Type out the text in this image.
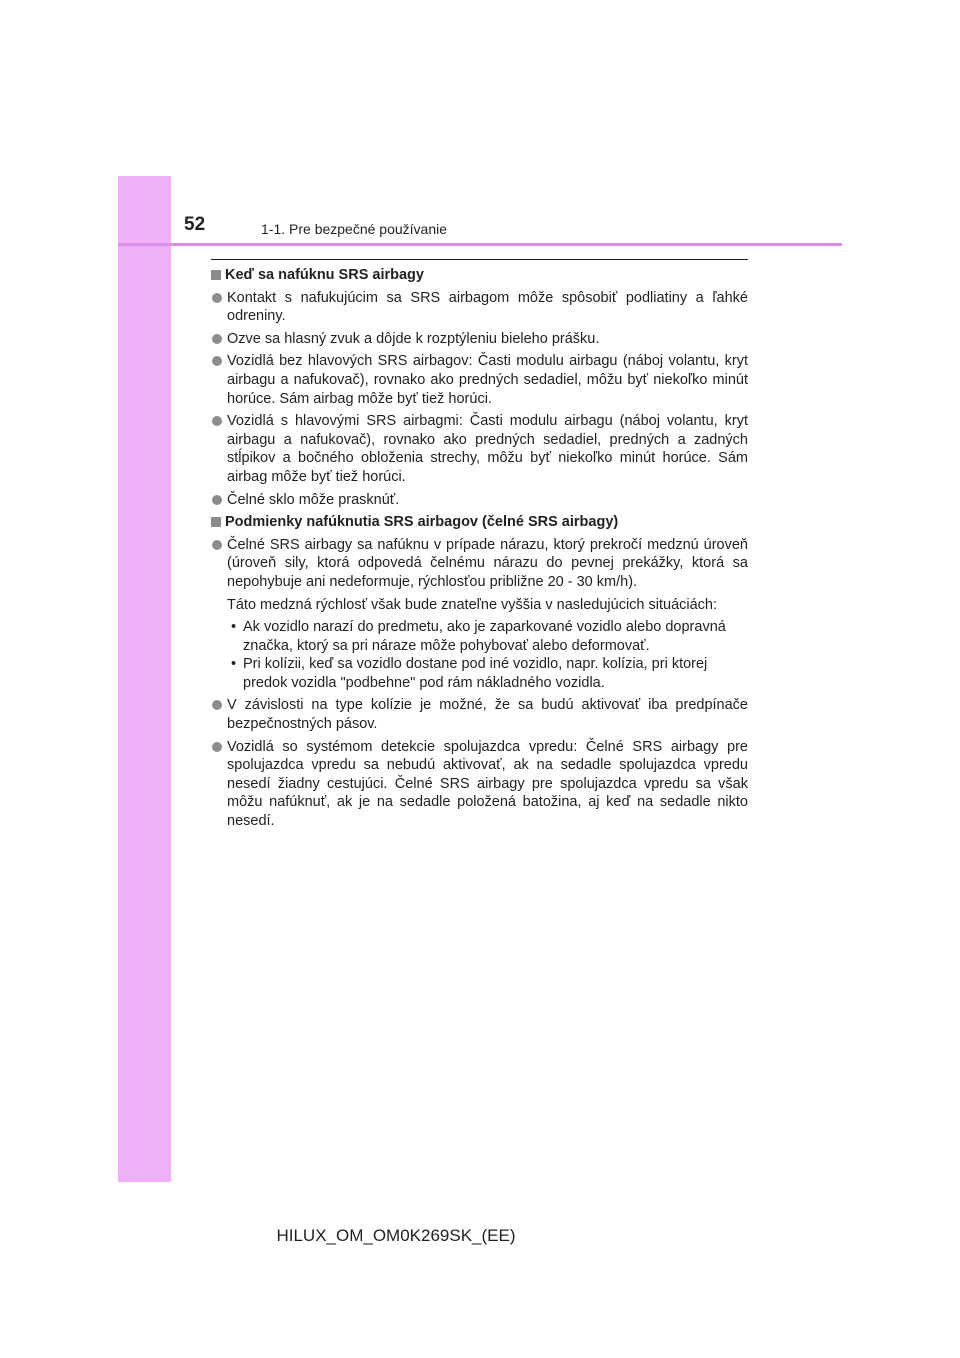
52	1-1. Pre bezpečné používanie
Keď sa nafúknu SRS airbagy
Kontakt s nafukujúcim sa SRS airbagom môže spôsobiť podliatiny a ľahké odreniny.
Ozve sa hlasný zvuk a dôjde k rozptýleniu bieleho prášku.
Vozidlá bez hlavových SRS airbagov: Časti modulu airbagu (náboj volantu, kryt airbagu a nafukovač), rovnako ako predných sedadiel, môžu byť niekoľko minút horúce. Sám airbag môže byť tiež horúci.
Vozidlá s hlavovými SRS airbagmi: Časti modulu airbagu (náboj volantu, kryt airbagu a nafukovač), rovnako ako predných sedadiel, predných a zadných stĺpikov a bočného obloženia strechy, môžu byť niekoľko minút horúce. Sám airbag môže byť tiež horúci.
Čelné sklo môže prasknúť.
Podmienky nafúknutia SRS airbagov (čelné SRS airbagy)
Čelné SRS airbagy sa nafúknu v prípade nárazu, ktorý prekročí medznú úroveň (úroveň sily, ktorá odpovedá čelnému nárazu do pevnej prekážky, ktorá sa nepohybuje ani nedeformuje, rýchlosťou približne 20 - 30 km/h).
Táto medzná rýchlosť však bude znateľne vyššia v nasledujúcich situáciách:
• Ak vozidlo narazí do predmetu, ako je zaparkované vozidlo alebo dopravná značka, ktorý sa pri náraze môže pohybovať alebo deformovať.
• Pri kolízii, keď sa vozidlo dostane pod iné vozidlo, napr. kolízia, pri ktorej predok vozidla "podbehne" pod rám nákladného vozidla.
V závislosti na type kolízie je možné, že sa budú aktivovať iba predpínače bezpečnostných pásov.
Vozidlá so systémom detekcie spolujazdca vpredu: Čelné SRS airbagy pre spolujazdca vpredu sa nebudú aktivovať, ak na sedadle spolujazdca vpredu nesedí žiadny cestujúci. Čelné SRS airbagy pre spolujazdca vpredu sa však môžu nafúknuť, ak je na sedadle položená batožina, aj keď na sedadle nikto nesedí.
HILUX_OM_OM0K269SK_(EE)
